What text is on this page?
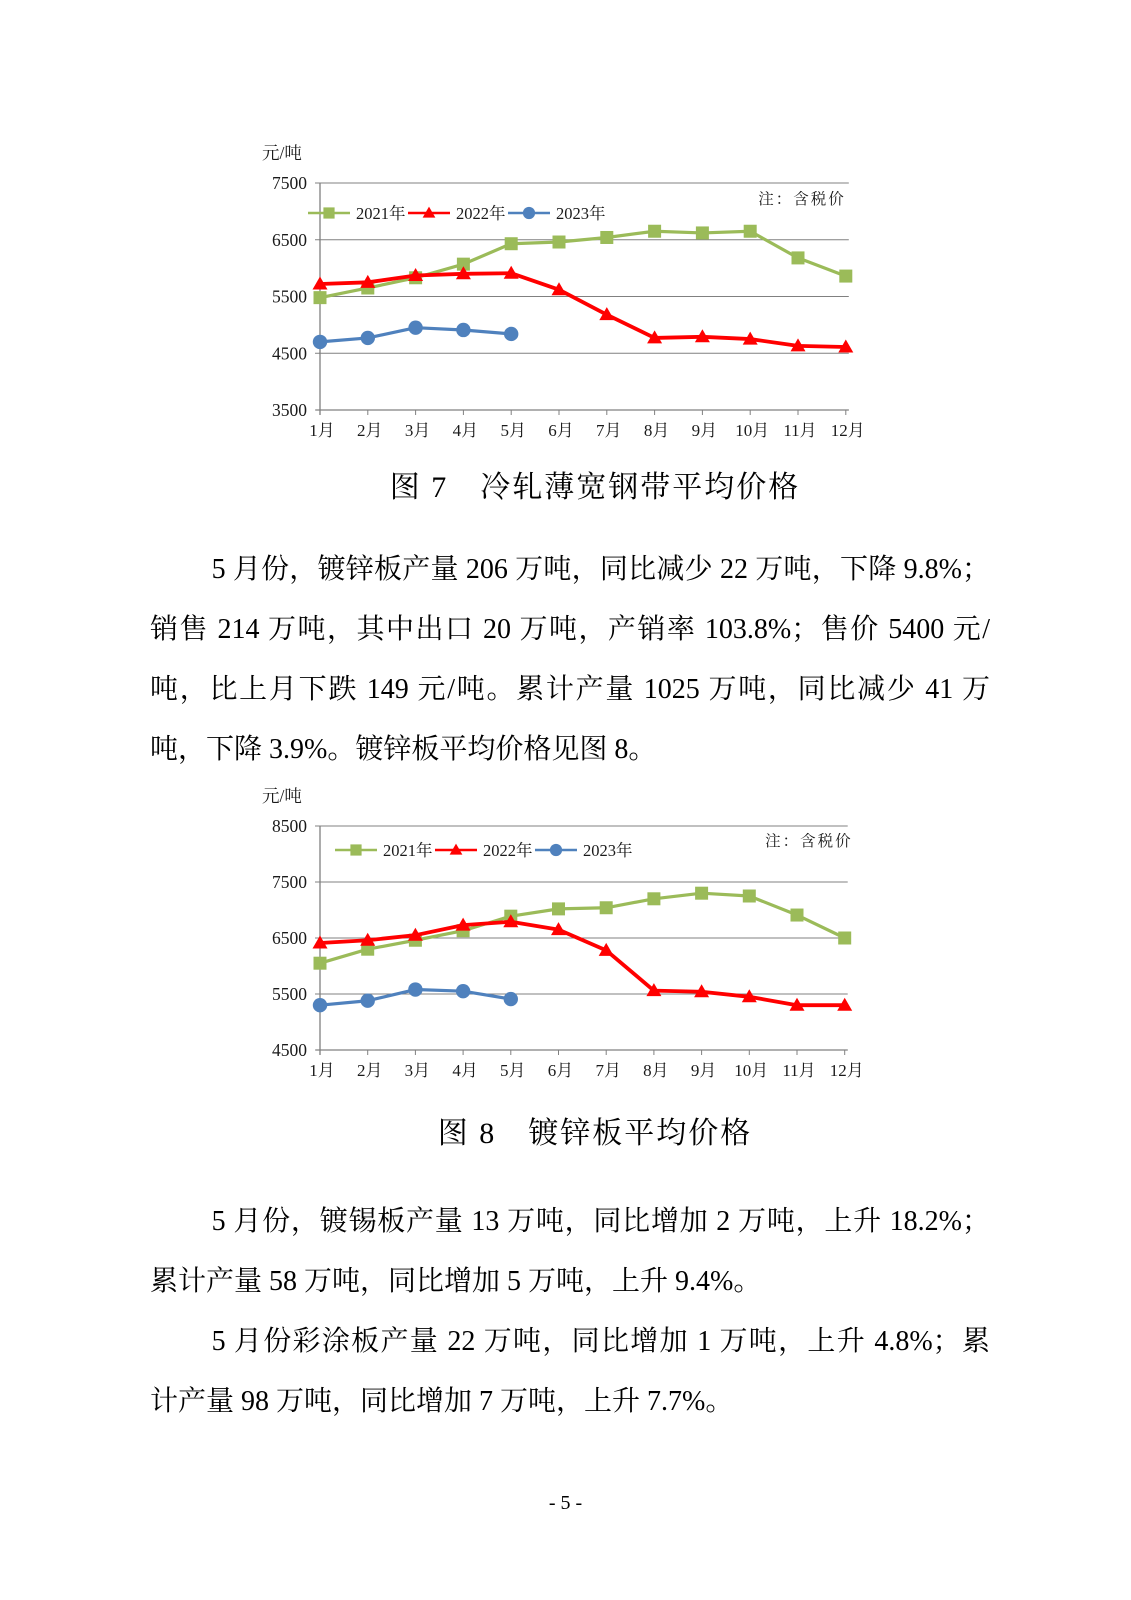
7500
6500
5500
4500
3500
1月 2月 3月 4月 5月 6月 7月 8月 9月 10月 11月 12月
元/吨
注：含税价
2021年	2022年	2023年
图 7　冷轧薄宽钢带平均价格
5 月份，镀锌板产量 206 万吨，同比减少 22 万吨，下降 9.8%；
销售 214 万吨，其中出口 20 万吨，产销率 103.8%；售价 5400 元/
吨，比上月下跌 149 元/吨。累计产量 1025 万吨，同比减少 41 万
吨，下降 3.9%。镀锌板平均价格见图 8。
8500
7500
6500
5500
4500
1月 2月 3月 4月 5月 6月 7月 8月 9月 10月 11月 12月
元/吨
注：含税价
2021年	2022年	2023年
图 8　镀锌板平均价格
5 月份，镀锡板产量 13 万吨，同比增加 2 万吨，上升 18.2%；
累计产量 58 万吨，同比增加 5 万吨，上升 9.4%。
5 月份彩涂板产量 22 万吨，同比增加 1 万吨，上升 4.8%；累
计产量 98 万吨，同比增加 7 万吨，上升 7.7%。
- 5 -
